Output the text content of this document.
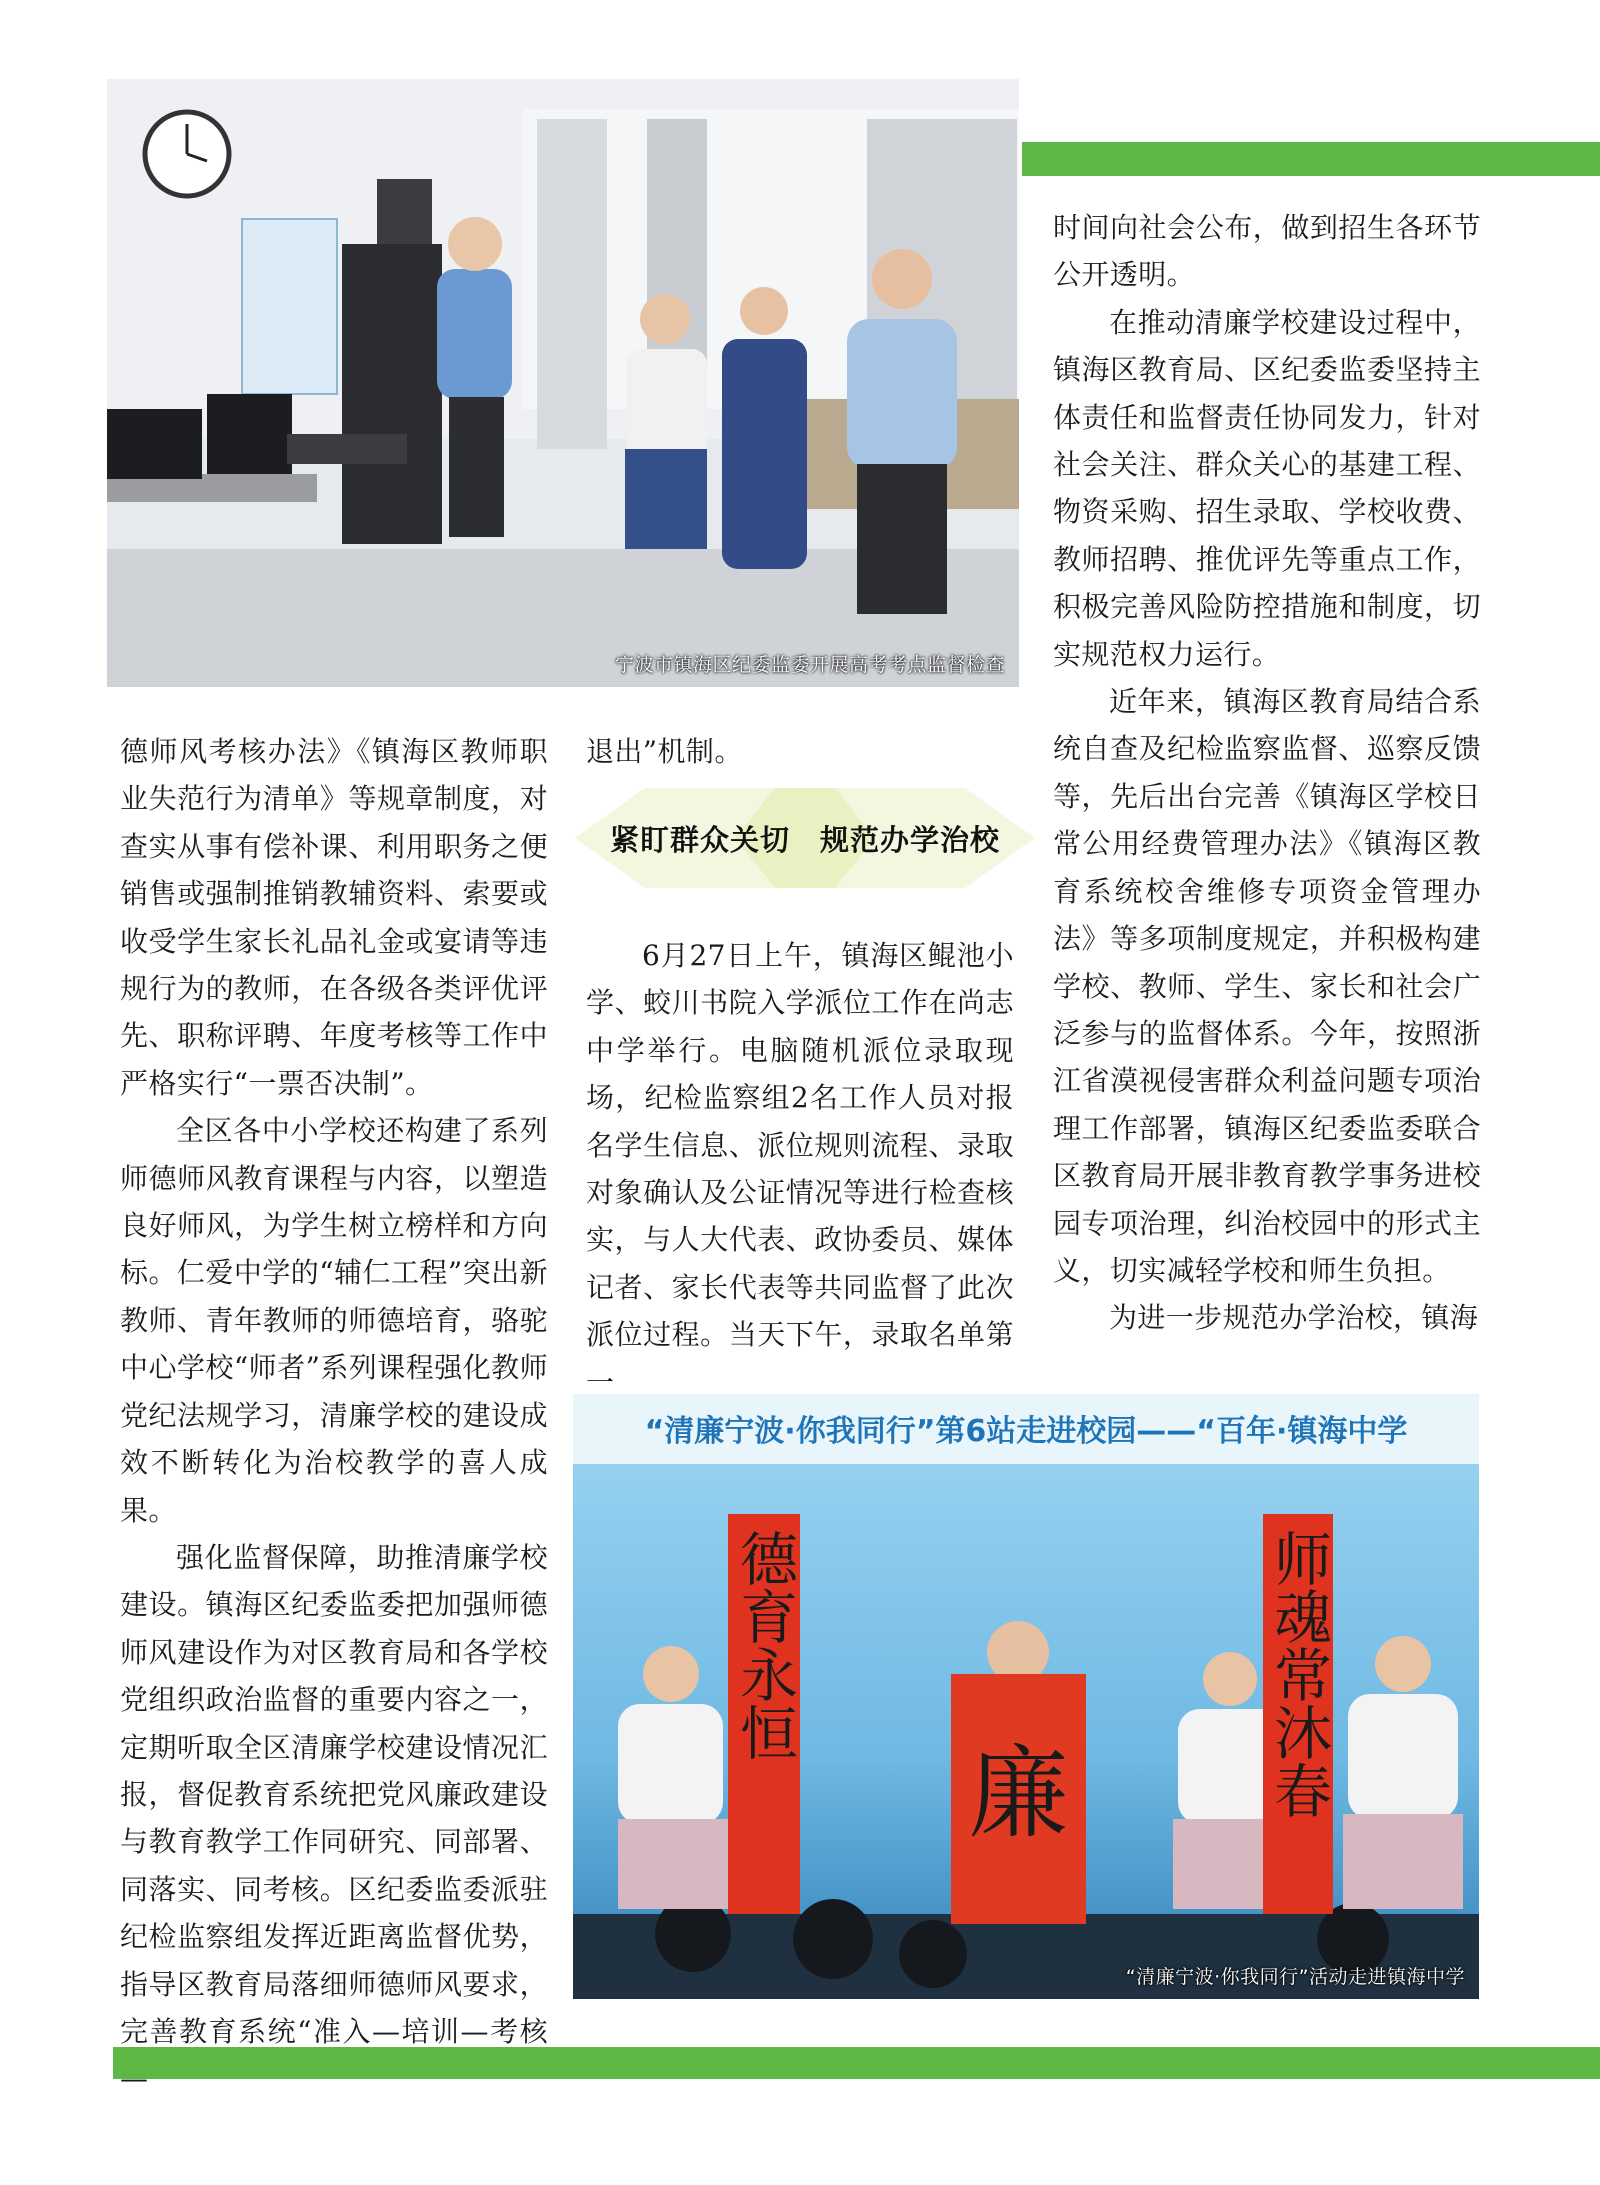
宁波市镇海区纪委监委开展高考考点监督检查
“清廉宁波·你我同行”第6站走进校园——“百年·镇海中学
德育永恒
廉	师魂常沐春
“清廉宁波·你我同行”活动走进镇海中学
紧盯群众关切　规范办学治校

德师风考核办法》《镇海区教师职业失范行为清单》等规章制度，对查实从事有偿补课、利用职务之便销售或强制推销教辅资料、索要或收受学生家长礼品礼金或宴请等违规行为的教师，在各级各类评优评先、职称评聘、年度考核等工作中严格实行“一票否决制”。

全区各中小学校还构建了系列师德师风教育课程与内容，以塑造良好师风，为学生树立榜样和方向标。仁爱中学的“辅仁工程”突出新教师、青年教师的师德培育，骆驼中心学校“师者”系列课程强化教师党纪法规学习，清廉学校的建设成效不断转化为治校教学的喜人成果。

强化监督保障，助推清廉学校建设。镇海区纪委监委把加强师德师风建设作为对区教育局和各学校党组织政治监督的重要内容之一，定期听取全区清廉学校建设情况汇报，督促教育系统把党风廉政建设与教育教学工作同研究、同部署、同落实、同考核。区纪委监委派驻纪检监察组发挥近距离监督优势，指导区教育局落细师德师风要求，完善教育系统“准入—培训—考核—

退出”机制。

6月27日上午，镇海区鲲池小学、蛟川书院入学派位工作在尚志中学举行。电脑随机派位录取现场，纪检监察组2名工作人员对报名学生信息、派位规则流程、录取对象确认及公证情况等进行检查核实，与人大代表、政协委员、媒体记者、家长代表等共同监督了此次派位过程。当天下午，录取名单第一

时间向社会公布，做到招生各环节公开透明。

在推动清廉学校建设过程中，镇海区教育局、区纪委监委坚持主体责任和监督责任协同发力，针对社会关注、群众关心的基建工程、物资采购、招生录取、学校收费、教师招聘、推优评先等重点工作，积极完善风险防控措施和制度，切实规范权力运行。

近年来，镇海区教育局结合系统自查及纪检监察监督、巡察反馈等，先后出台完善《镇海区学校日常公用经费管理办法》《镇海区教育系统校舍维修专项资金管理办法》等多项制度规定，并积极构建学校、教师、学生、家长和社会广泛参与的监督体系。今年，按照浙江省漠视侵害群众利益问题专项治理工作部署，镇海区纪委监委联合区教育局开展非教育教学事务进校园专项治理，纠治校园中的形式主义，切实减轻学校和师生负担。

为进一步规范办学治校，镇海
